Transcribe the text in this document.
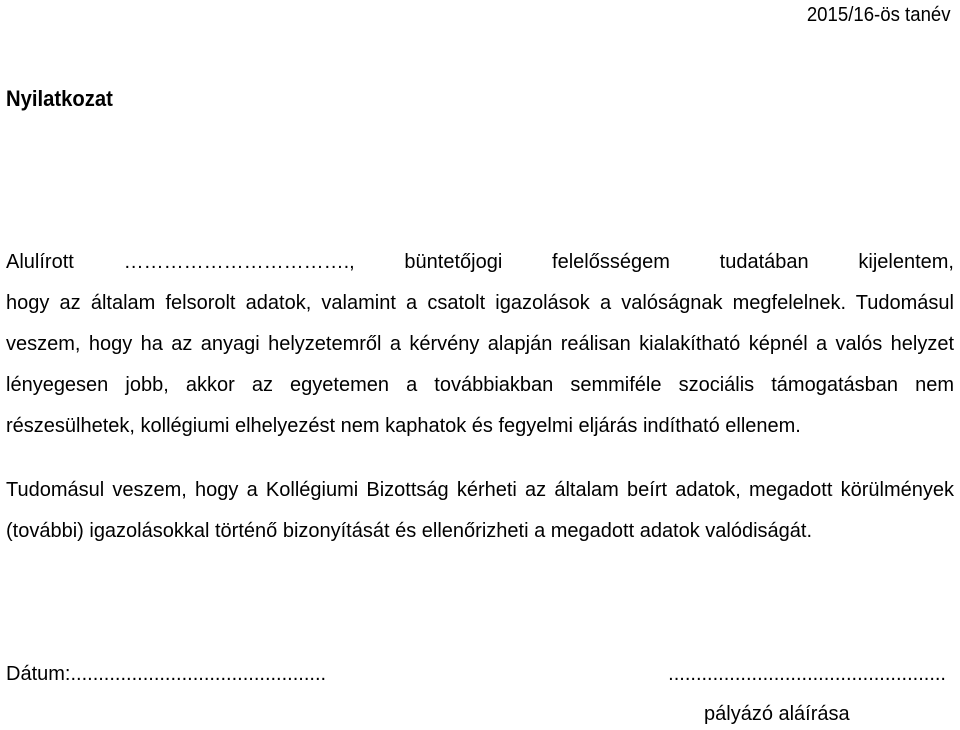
2015/16-ös tanév
Nyilatkozat
Alulírott ……………………………., büntetőjogi felelősségem tudatában kijelentem,
hogy az általam felsorolt adatok, valamint a csatolt igazolások a valóságnak megfelelnek. Tudomásul
veszem, hogy ha az anyagi helyzetemről a kérvény alapján reálisan kialakítható képnél a valós helyzet
lényegesen jobb, akkor az egyetemen a továbbiakban semmiféle szociális támogatásban nem
részesülhetek, kollégiumi elhelyezést nem kaphatok és fegyelmi eljárás indítható ellenem.
Tudomásul veszem, hogy a Kollégiumi Bizottság kérheti az általam beírt adatok, megadott körülmények
(további) igazolásokkal történő bizonyítását és ellenőrizheti a megadott adatok valódiságát.
Dátum:..............................................	..................................................
pályázó aláírása
